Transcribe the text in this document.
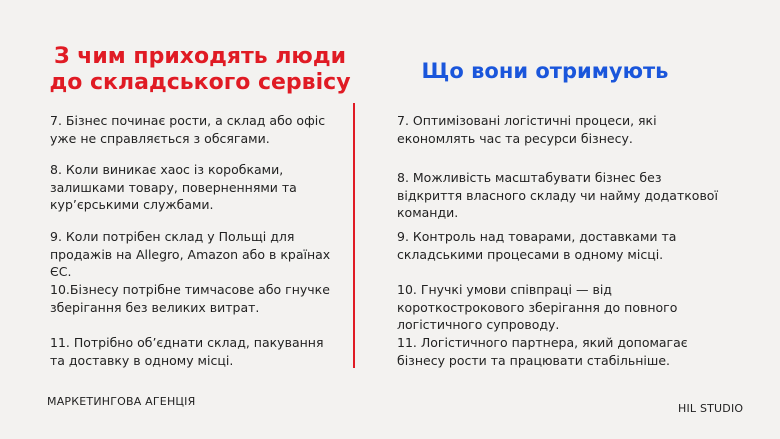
З чим приходять люди до складського сервісу	Що вони отримують
7. Бізнес починає рости, а склад або офіс уже не справляється з обсягами.
8. Коли виникає хаос із коробками, залишками товару, поверненнями та кур’єрськими службами.
9. Коли потрібен склад у Польщі для продажів на Allegro, Amazon або в країнах ЄС.
10.Бізнесу потрібне тимчасове або гнучке зберігання без великих витрат.
11. Потрібно об’єднати склад, пакування та доставку в одному місці.
7. Оптимізовані логістичні процеси, які економлять час та ресурси бізнесу.
8. Можливість масштабувати бізнес без відкриття власного складу чи найму додаткової команди.
9. Контроль над товарами, доставками та складськими процесами в одному місці.
10. Гнучкі умови співпраці — від короткострокового зберігання до повного логістичного супроводу.
11. Логістичного партнера, який допомагає бізнесу рости та працювати стабільніше.
МАРКЕТИНГОВА АГЕНЦІЯ
HIL STUDIO
